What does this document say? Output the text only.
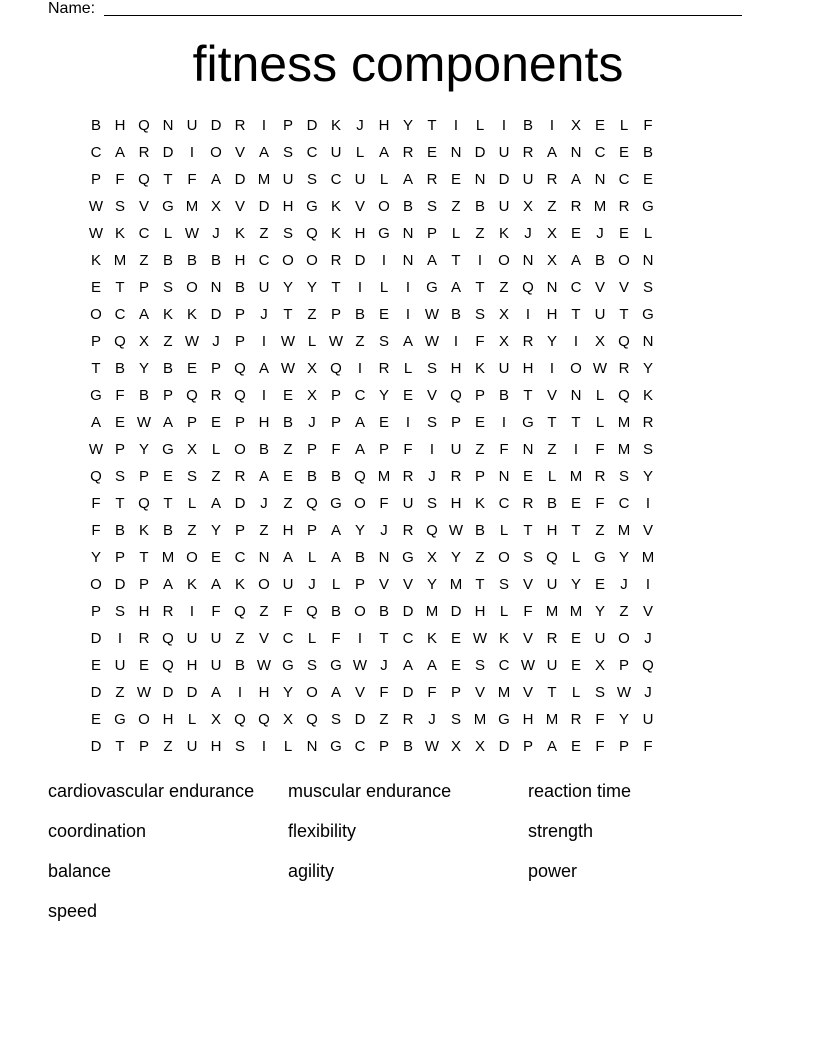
Name:
fitness components
B H Q N U D R	I	P D K	J H Y T	I	L	I	B	I	X E L	F
C A R D	I	O V A S C U L A R E N D U R A N C E B
P F Q T F A D M U S C U L A R E N D U R A N C E
W S V G M X V D H G K V O B S Z B U X Z R M R G
W K C L W J	K Z S Q K H G N P L	Z K	J	X E	J	E L
K M Z B B B H C O O R D	I	N A T	I	O N X A B O N
E T P S O N B U Y Y T	I	L	I	G A T Z Q N C V V S
O C A K K D P	J	T Z P B E	I W B S X	I	H T U T G
P Q X Z W J	P	I W L W Z S A W I	F X R Y	I	X Q N
T B Y B E P Q A W X Q	I	R L S H K U H	I	O W R Y
G F B P Q R Q	I	E X P C Y E V Q P B T V N L Q K
A E W A P E P H B	J	P A E	I	S P E	I	G T T	L M R
W P Y G X L O B Z P F A P F	I	U Z F N Z	I	F M S
Q S P E S Z R A E B B Q M R J R P N E L M R S Y
F T Q T	L A D J	Z Q G O F U S H K C R B E F C	I
F B K B Z Y P Z H P A Y	J R Q W B L	T H T Z M V
Y P T M O E C N A L A B N G X Y Z O S Q L G Y M
O D P A K A K O U J	L P V V Y M T S V U Y E	J	I
P S H R	I	F Q Z F Q B O B D M D H L	F M M Y Z V
D	I	R Q U U Z V C L	F	I	T C K E W K V R E U O J
E U E Q H U B W G S G W J	A A E S C W U E X P Q
D Z W D D A	I	H Y O A V F D F P V M V T	L S W J
E G O H L X Q Q X Q S D Z R J	S M G H M R F Y U
D T P Z U H S	I	L N G C P B W X X D P A E F P F
cardiovascular endurance	muscular endurance	reaction time
coordination	flexibility	strength
balance	agility	power
speed
